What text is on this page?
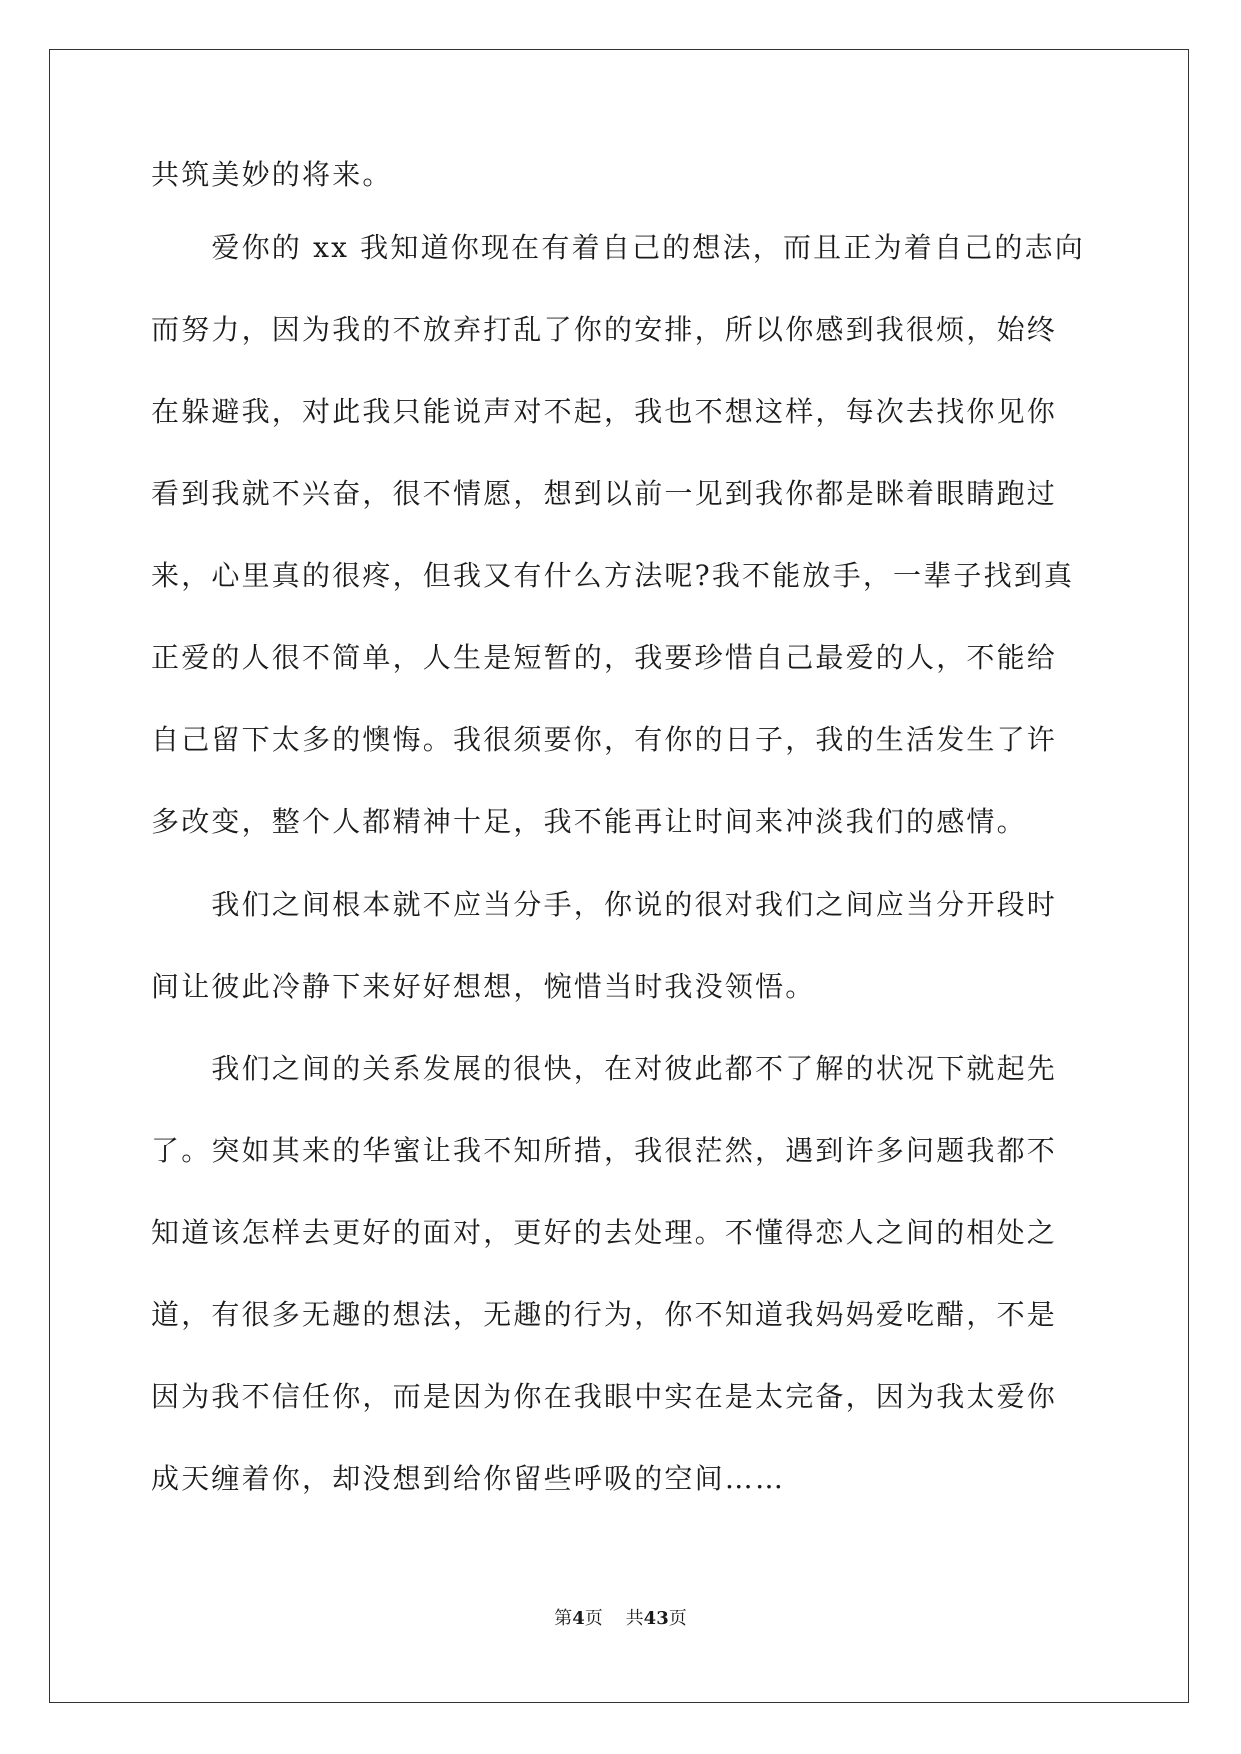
共筑美妙的将来。
　　爱你的 xx 我知道你现在有着自己的想法，而且正为着自己的志向
而努力，因为我的不放弃打乱了你的安排，所以你感到我很烦，始终
在躲避我，对此我只能说声对不起，我也不想这样，每次去找你见你
看到我就不兴奋，很不情愿，想到以前一见到我你都是眯着眼睛跑过
来，心里真的很疼，但我又有什么方法呢?我不能放手，一辈子找到真
正爱的人很不简单，人生是短暂的，我要珍惜自己最爱的人，不能给
自己留下太多的懊悔。我很须要你，有你的日子，我的生活发生了许
多改变，整个人都精神十足，我不能再让时间来冲淡我们的感情。
　　我们之间根本就不应当分手，你说的很对我们之间应当分开段时
间让彼此冷静下来好好想想，惋惜当时我没领悟。
　　我们之间的关系发展的很快，在对彼此都不了解的状况下就起先
了。突如其来的华蜜让我不知所措，我很茫然，遇到许多问题我都不
知道该怎样去更好的面对，更好的去处理。不懂得恋人之间的相处之
道，有很多无趣的想法，无趣的行为，你不知道我妈妈爱吃醋，不是
因为我不信任你，而是因为你在我眼中实在是太完备，因为我太爱你
成天缠着你，却没想到给你留些呼吸的空间……
第4页 共43页
